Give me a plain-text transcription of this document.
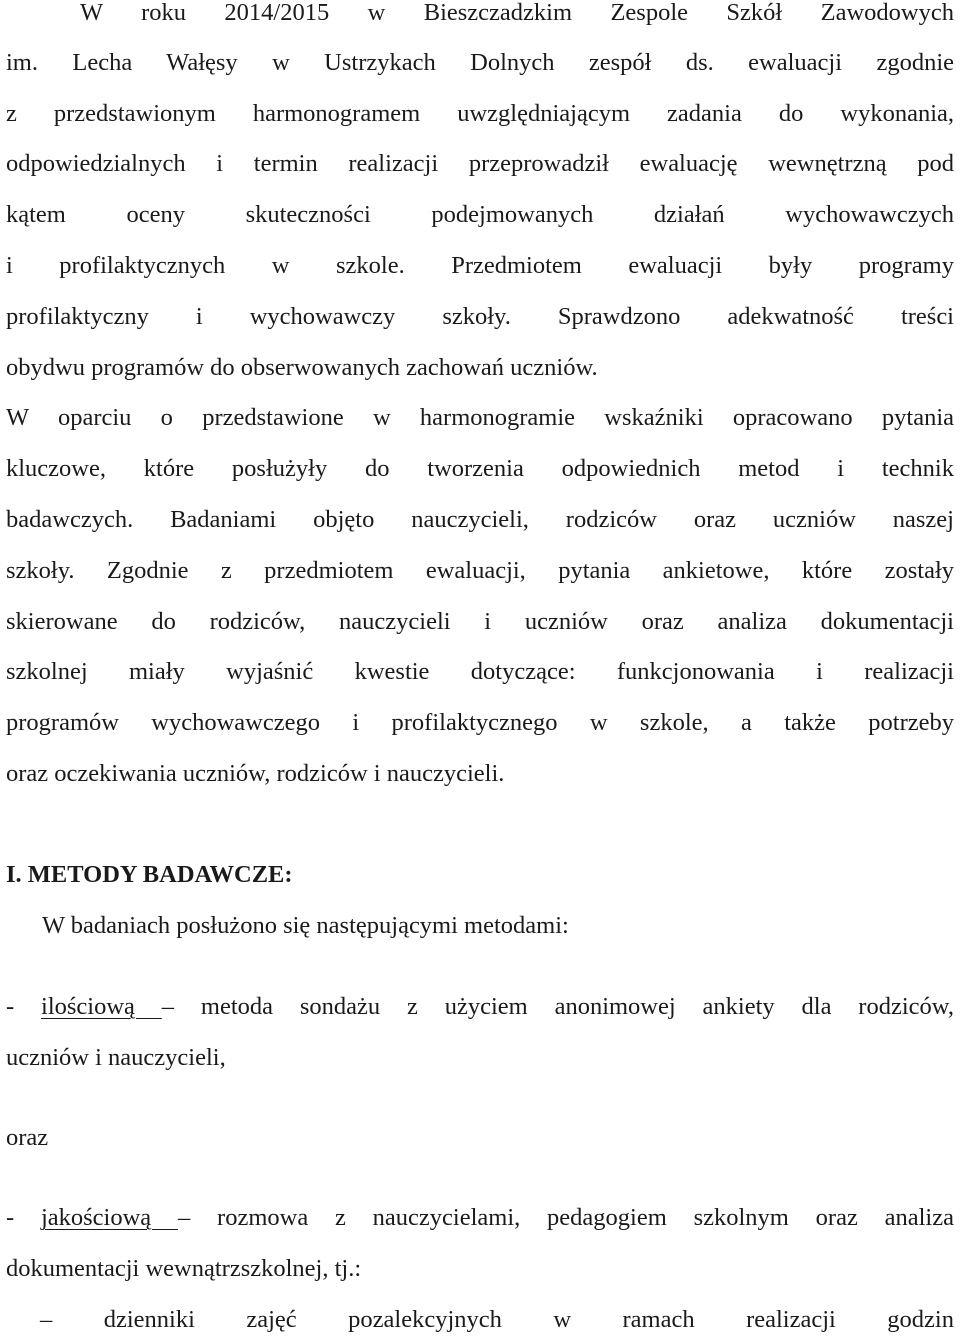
W roku 2014/2015 w Bieszczadzkim Zespole Szkół Zawodowych
im. Lecha Wałęsy w Ustrzykach Dolnych zespół ds. ewaluacji zgodnie
z przedstawionym harmonogramem uwzględniającym zadania do wykonania,
odpowiedzialnych i termin realizacji przeprowadził ewaluację wewnętrzną pod
kątem oceny skuteczności podejmowanych działań wychowawczych
i profilaktycznych w szkole. Przedmiotem ewaluacji były programy
profilaktyczny i wychowawczy szkoły. Sprawdzono adekwatność treści
obydwu programów do obserwowanych zachowań uczniów.
W oparciu o przedstawione w harmonogramie wskaźniki opracowano pytania
kluczowe, które posłużyły do tworzenia odpowiednich metod i technik
badawczych. Badaniami objęto nauczycieli, rodziców oraz uczniów naszej
szkoły. Zgodnie z przedmiotem ewaluacji, pytania ankietowe, które zostały
skierowane do rodziców, nauczycieli i uczniów oraz analiza dokumentacji
szkolnej miały wyjaśnić kwestie dotyczące: funkcjonowania i realizacji
programów wychowawczego i profilaktycznego w szkole, a także potrzeby
oraz oczekiwania uczniów, rodziców i nauczycieli.
I. METODY BADAWCZE:
W badaniach posłużono się następującymi metodami:
- ilościową – metoda sondażu z użyciem anonimowej ankiety dla rodziców,
uczniów i nauczycieli,
oraz
- jakościową – rozmowa z nauczycielami, pedagogiem szkolnym oraz analiza
dokumentacji wewnątrzszkolnej, tj.:
– dzienniki zajęć pozalekcyjnych w ramach realizacji godzin
